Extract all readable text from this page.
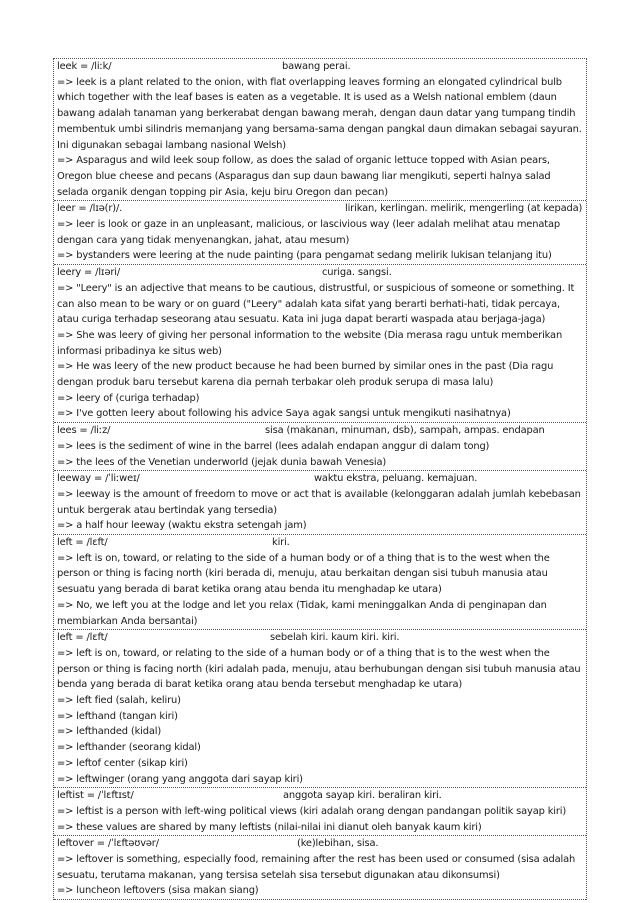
leek = /liːk/	bawang perai.
=> leek is a plant related to the onion, with flat overlapping leaves forming an elongated cylindrical bulb which together with the leaf bases is eaten as a vegetable. It is used as a Welsh national emblem (daun bawang adalah tanaman yang berkerabat dengan bawang merah, dengan daun datar yang tumpang tindih membentuk umbi silindris memanjang yang bersama-sama dengan pangkal daun dimakan sebagai sayuran. Ini digunakan sebagai lambang nasional Welsh)
=> Asparagus and wild leek soup follow, as does the salad of organic lettuce topped with Asian pears, Oregon blue cheese and pecans (Asparagus dan sup daun bawang liar mengikuti, seperti halnya salad selada organik dengan topping pir Asia, keju biru Oregon dan pecan)
leer = /lɪə(r)/.	lirikan, kerlingan. melirik, mengerling (at kepada)
=> leer is look or gaze in an unpleasant, malicious, or lascivious way (leer adalah melihat atau menatap dengan cara yang tidak menyenangkan, jahat, atau mesum)
=> bystanders were leering at the nude painting (para pengamat sedang melirik lukisan telanjang itu)
leery = /lɪəri/	curiga. sangsi.
=> "Leery" is an adjective that means to be cautious, distrustful, or suspicious of someone or something. It can also mean to be wary or on guard ("Leery" adalah kata sifat yang berarti berhati-hati, tidak percaya, atau curiga terhadap seseorang atau sesuatu. Kata ini juga dapat berarti waspada atau berjaga-jaga)
=> She was leery of giving her personal information to the website (Dia merasa ragu untuk memberikan informasi pribadinya ke situs web)
=> He was leery of the new product because he had been burned by similar ones in the past (Dia ragu dengan produk baru tersebut karena dia pernah terbakar oleh produk serupa di masa lalu)
=> leery of (curiga terhadap)
=> I've gotten leery about following his advice Saya agak sangsi untuk mengikuti nasihatnya)
lees = /liːz/	sisa (makanan, minuman, dsb), sampah, ampas. endapan
=> lees is the sediment of wine in the barrel (lees adalah endapan anggur di dalam tong)
=> the lees of the Venetian underworld (jejak dunia bawah Venesia)
leeway = /ˈliːweɪ/	waktu ekstra, peluang. kemajuan.
=> leeway is the amount of freedom to move or act that is available (kelonggaran adalah jumlah kebebasan untuk bergerak atau bertindak yang tersedia)
=> a half hour leeway (waktu ekstra setengah jam)
left = /lɛft/	kiri.
=> left is on, toward, or relating to the side of a human body or of a thing that is to the west when the person or thing is facing north (kiri berada di, menuju, atau berkaitan dengan sisi tubuh manusia atau sesuatu yang berada di barat ketika orang atau benda itu menghadap ke utara)
=> No, we left you at the lodge and let you relax (Tidak, kami meninggalkan Anda di penginapan dan membiarkan Anda bersantai)
left = /lɛft/	sebelah kiri. kaum kiri. kiri.
=> left is on, toward, or relating to the side of a human body or of a thing that is to the west when the person or thing is facing north (kiri adalah pada, menuju, atau berhubungan dengan sisi tubuh manusia atau benda yang berada di barat ketika orang atau benda tersebut menghadap ke utara)
=> left fied (salah, keliru)
=> lefthand (tangan kiri)
=> lefthanded (kidal)
=> lefthander (seorang kidal)
=> leftof center (sikap kiri)
=> leftwinger (orang yang anggota dari sayap kiri)
leftist = /ˈlɛftɪst/	anggota sayap kiri. beraliran kiri.
=> leftist is a person with left-wing political views (kiri adalah orang dengan pandangan politik sayap kiri)
=> these values are shared by many leftists (nilai-nilai ini dianut oleh banyak kaum kiri)
leftover = /ˈlɛftəʊvər/	(ke)lebihan, sisa.
=> leftover is something, especially food, remaining after the rest has been used or consumed (sisa adalah sesuatu, terutama makanan, yang tersisa setelah sisa tersebut digunakan atau dikonsumsi)
=> luncheon leftovers (sisa makan siang)
